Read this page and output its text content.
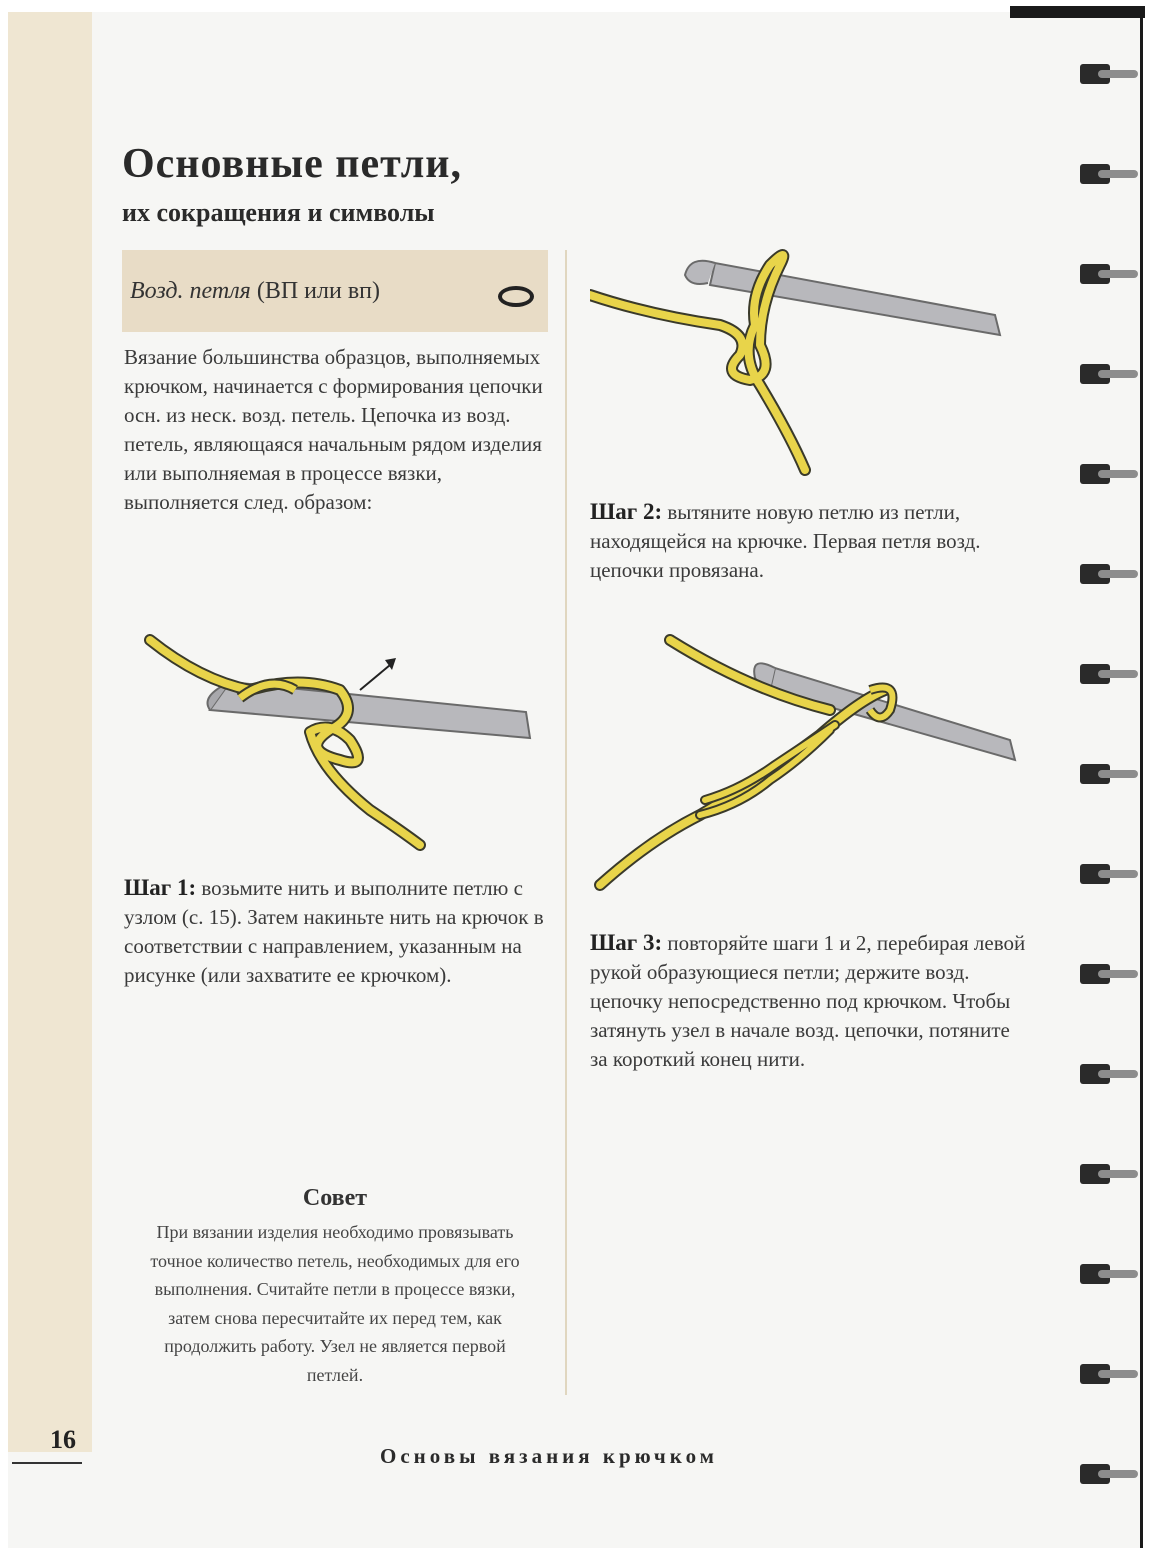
Основные петли,
их сокращения и символы
Возд. петля (ВП или вп)
Вязание большинства образцов, выполняемых крючком, начинается с формирования цепочки осн. из неск. возд. петель. Цепочка из возд. петель, являющаяся начальным рядом изделия или выполняемая в процессе вязки, выполняется след. образом:
Шаг 1: возьмите нить и выполните петлю с узлом (с. 15). Затем накиньте нить на крючок в соответствии с направлением, указанным на рисунке (или захватите ее крючком).
Шаг 2: вытяните новую петлю из петли, находящейся на крючке. Первая петля возд. цепочки провязана.
Шаг 3: повторяйте шаги 1 и 2, перебирая левой рукой образующиеся петли; держите возд. цепочку непосредственно под крючком. Чтобы затянуть узел в начале возд. цепочки, потяните за короткий конец нити.
Совет
При вязании изделия необходимо провязывать точное количество петель, необходимых для его выполнения. Считайте петли в процессе вязки, затем снова пересчитайте их перед тем, как продолжить работу. Узел не является первой петлей.
16
Основы вязания крючком
